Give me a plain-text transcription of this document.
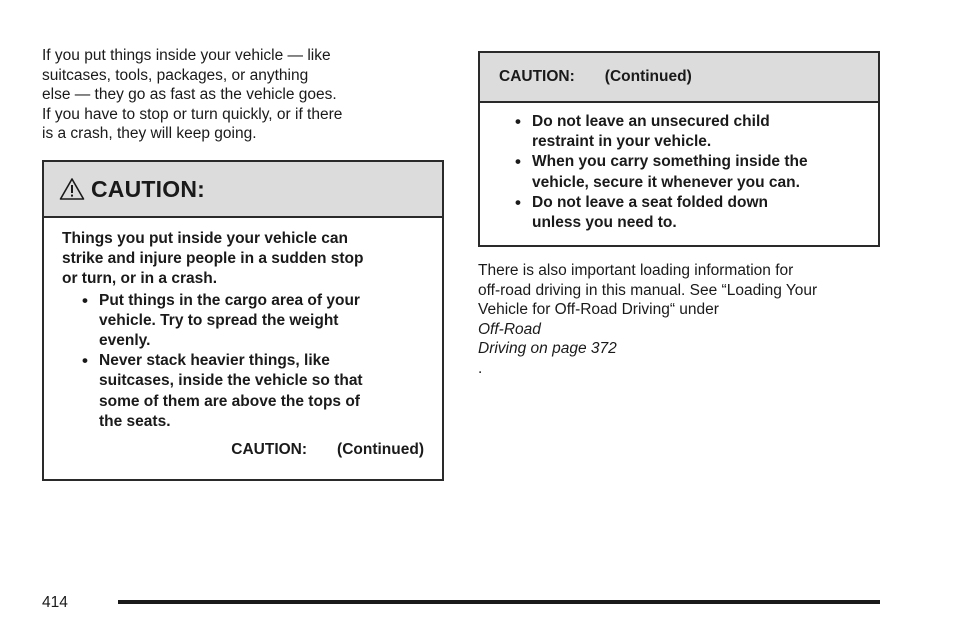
If you put things inside your vehicle — like
suitcases, tools, packages, or anything
else — they go as fast as the vehicle goes.
If you have to stop or turn quickly, or if there
is a crash, they will keep going.
CAUTION:
Things you put inside your vehicle can
strike and injure people in a sudden stop
or turn, or in a crash.
• Put things in the cargo area of your
vehicle. Try to spread the weight
evenly.
• Never stack heavier things, like
suitcases, inside the vehicle so that
some of them are above the tops of
the seats.
CAUTION: (Continued)
CAUTION: (Continued)
• Do not leave an unsecured child
restraint in your vehicle.
• When you carry something inside the
vehicle, secure it whenever you can.
• Do not leave a seat folded down
unless you need to.
There is also important loading information for
off-road driving in this manual. See “Loading Your
Vehicle for Off-Road Driving“ under
Off-Road
Driving on page 372
.
414
